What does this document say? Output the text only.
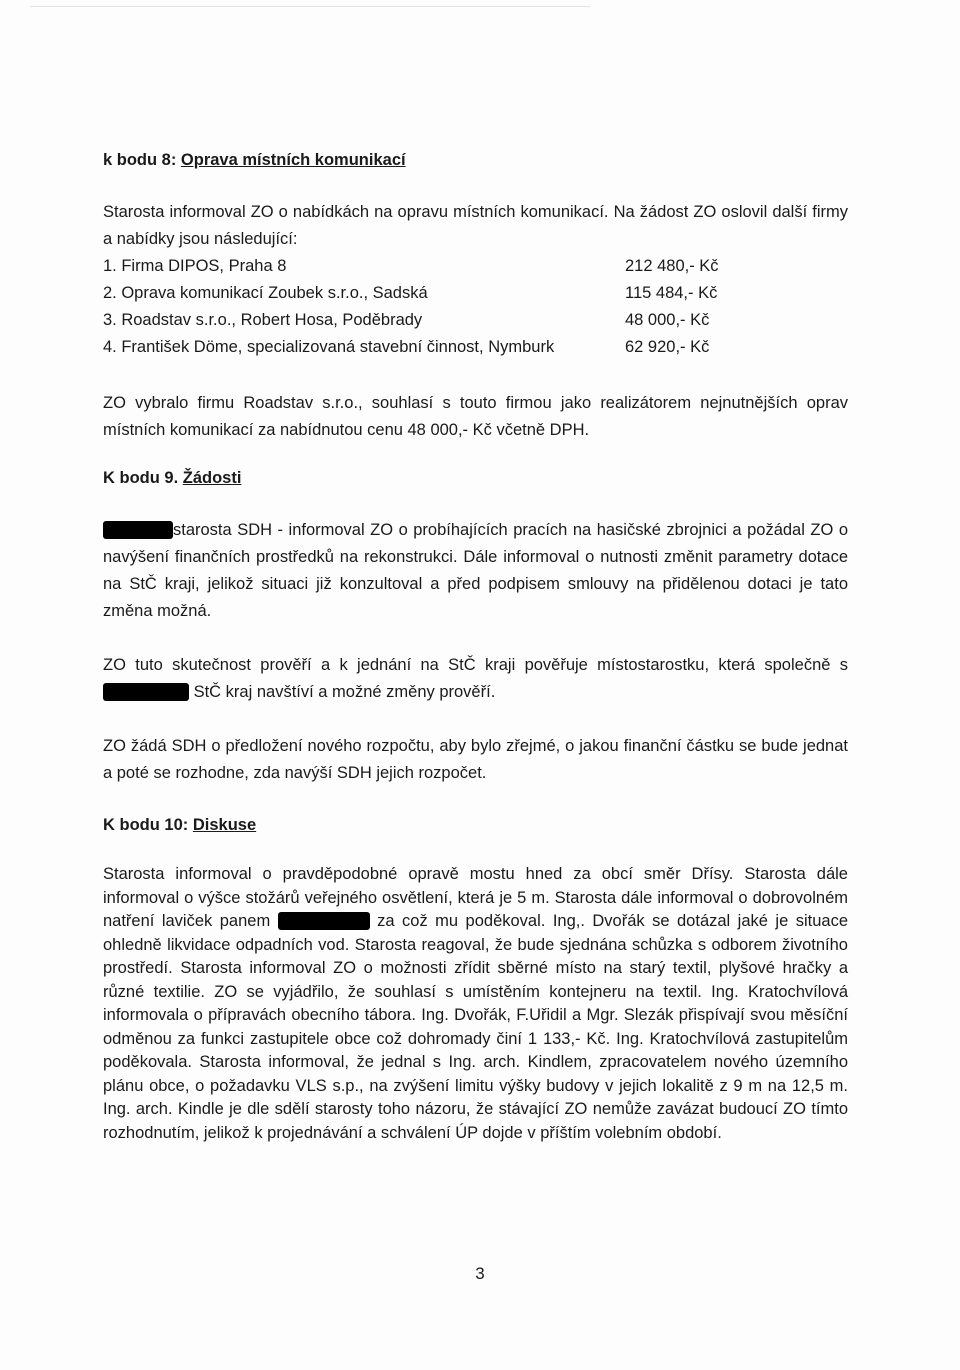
k bodu 8: Oprava místních komunikací

Starosta informoval ZO o nabídkách na opravu místních komunikací. Na žádost ZO oslovil další firmy a nabídky jsou následující:

1. Firma DIPOS, Praha 8	212 480,- Kč
2. Oprava komunikací Zoubek s.r.o., Sadská	115 484,- Kč
3. Roadstav s.r.o., Robert Hosa, Poděbrady	48 000,- Kč
4. František Döme, specializovaná stavební činnost, Nymburk	62 920,- Kč

ZO vybralo firmu Roadstav s.r.o., souhlasí s touto firmou jako realizátorem nejnutnějších oprav místních komunikací za nabídnutou cenu 48 000,- Kč včetně DPH.

K bodu 9. Žádosti

starosta SDH - informoval ZO o probíhajících pracích na hasičské zbrojnici a požádal ZO o navýšení finančních prostředků na rekonstrukci. Dále informoval o nutnosti změnit parametry dotace na StČ kraji, jelikož situaci již konzultoval a před podpisem smlouvy na přidělenou dotaci je tato změna možná.

ZO tuto skutečnost prověří a k jednání na StČ kraji pověřuje místostarostku, která společně s  StČ kraj navštíví a možné změny prověří.

ZO žádá SDH o předložení nového rozpočtu, aby bylo zřejmé, o jakou finanční částku se bude jednat a poté se rozhodne, zda navýší SDH jejich rozpočet.

K bodu 10: Diskuse

Starosta informoval o pravděpodobné opravě mostu hned za obcí směr Dřísy. Starosta dále informoval o výšce stožárů veřejného osvětlení, která je 5 m. Starosta dále informoval o dobrovolném natření laviček panem	za což mu poděkoval. Ing,. Dvořák se dotázal jaké je situace ohledně likvidace odpadních vod. Starosta reagoval, že bude sjednána schůzka s odborem životního prostředí. Starosta informoval ZO o možnosti zřídit sběrné místo na starý textil, plyšové hračky a různé textilie. ZO se vyjádřilo, že souhlasí s umístěním kontejneru na textil. Ing. Kratochvílová informovala o přípravách obecního tábora. Ing. Dvořák, F.Uřidil a Mgr. Slezák přispívají svou měsíční odměnou za funkci zastupitele obce což dohromady činí 1 133,- Kč. Ing. Kratochvílová zastupitelům poděkovala. Starosta informoval, že jednal s Ing. arch. Kindlem, zpracovatelem nového územního plánu obce, o požadavku VLS s.p., na zvýšení limitu výšky budovy v jejich lokalitě z 9 m na 12,5 m. Ing. arch. Kindle je dle sdělí starosty toho názoru, že stávající ZO nemůže zavázat budoucí ZO tímto rozhodnutím, jelikož k projednávání a schválení ÚP dojde v příštím volebním období.

3
